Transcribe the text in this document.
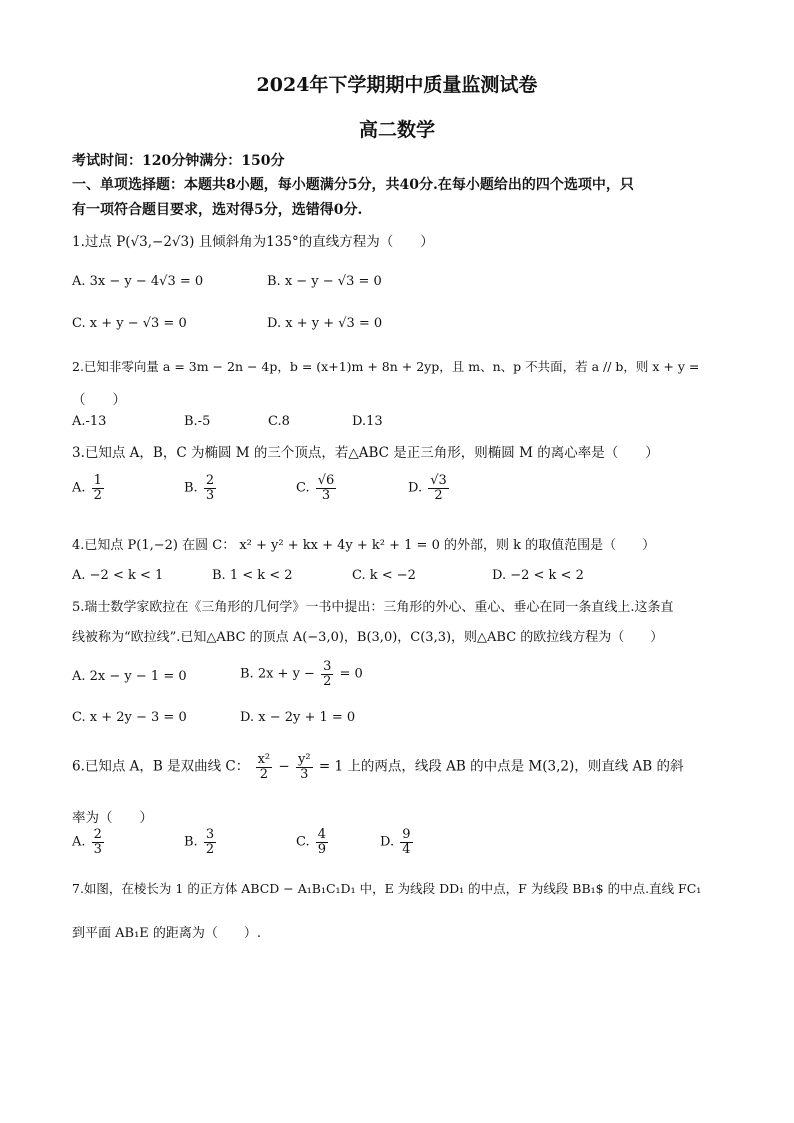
2024年下学期期中质量监测试卷
高二数学
考试时间：120分钟满分：150分
一、单项选择题：本题共8小题，每小题满分5分，共40分.在每小题给出的四个选项中，只
有一项符合题目要求，选对得5分，选错得0分.
1.过点 P(√3,−2√3) 且倾斜角为135°的直线方程为（　　）
A. 3x − y − 4√3 = 0	B. x − y − √3 = 0
C. x + y − √3 = 0	D. x + y + √3 = 0
2.已知非零向量 a = 3m − 2n − 4p，b = (x+1)m + 8n + 2yp，且 m、n、p 不共面，若 a // b，则 x + y =
（　　）
A.-13	B.-5	C.8	D.13
3.已知点 A，B，C 为椭圆 M 的三个顶点，若△ABC 是正三角形，则椭圆 M 的离心率是（　　）
A. $\frac{1}{2}$	B. $\frac{2}{3}$	C. $\frac{√6}{3}$	D. $\frac{√3}{2}$
4.已知点 P(1,−2) 在圆 C： x² + y² + kx + 4y + k² + 1 = 0 的外部，则 k 的取值范围是（　　）
A. −2 < k < 1	B. 1 < k < 2	C. k < −2	D. −2 < k < 2
5.瑞士数学家欧拉在《三角形的几何学》一书中提出：三角形的外心、重心、垂心在同一条直线上.这条直
线被称为“欧拉线”.已知△ABC 的顶点 A(−3,0)，B(3,0)，C(3,3)，则△ABC 的欧拉线方程为（　　）
A. 2x − y − 1 = 0	B. $2x + y - \frac{3}{2} = 0$
C. x + 2y − 3 = 0	D. x − 2y + 1 = 0
6.已知点 A，B 是双曲线 C： $\frac{\text{x²}}{2} - \frac{\text{y²}}{3} = 1$ 上的两点，线段 AB 的中点是 M(3,2)，则直线 AB 的斜
率为（　　）
A. $\frac{2}{3}$	B. $\frac{3}{2}$	C. $\frac{4}{9}$	D. $\frac{9}{4}$
7.如图，在棱长为 1 的正方体 ABCD − A₁B₁C₁D₁ 中，E 为线段 DD₁ 的中点，F 为线段 BB₁$ 的中点.直线 FC₁
到平面 AB₁E 的距离为（　　）.
